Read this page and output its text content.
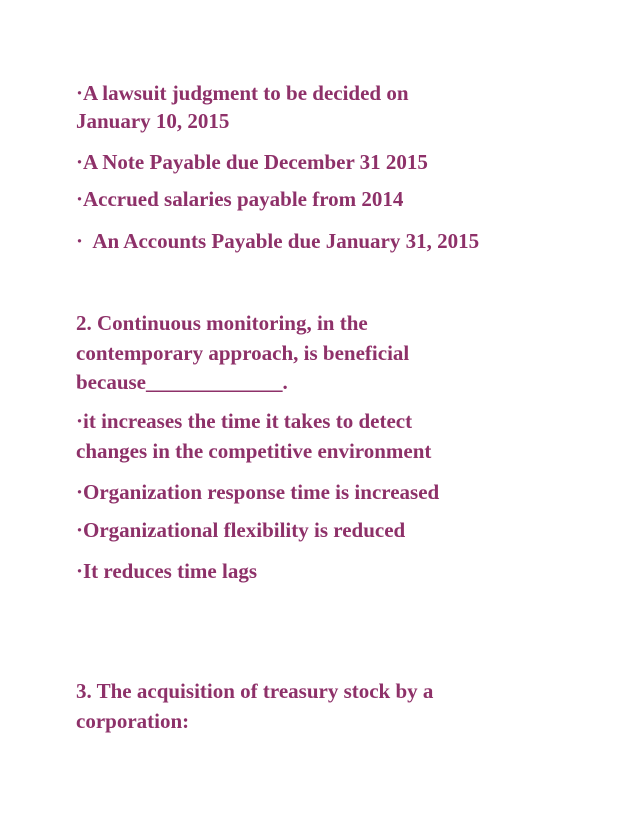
·A lawsuit judgment to be decided on

January 10, 2015

·A Note Payable due December 31 2015

·Accrued salaries payable from 2014

·  An Accounts Payable due January 31, 2015

2. Continuous monitoring, in the

contemporary approach, is beneficial

because_____________.

·it increases the time it takes to detect

changes in the competitive environment

·Organization response time is increased

·Organizational flexibility is reduced

·It reduces time lags

3. The acquisition of treasury stock by a

corporation:
